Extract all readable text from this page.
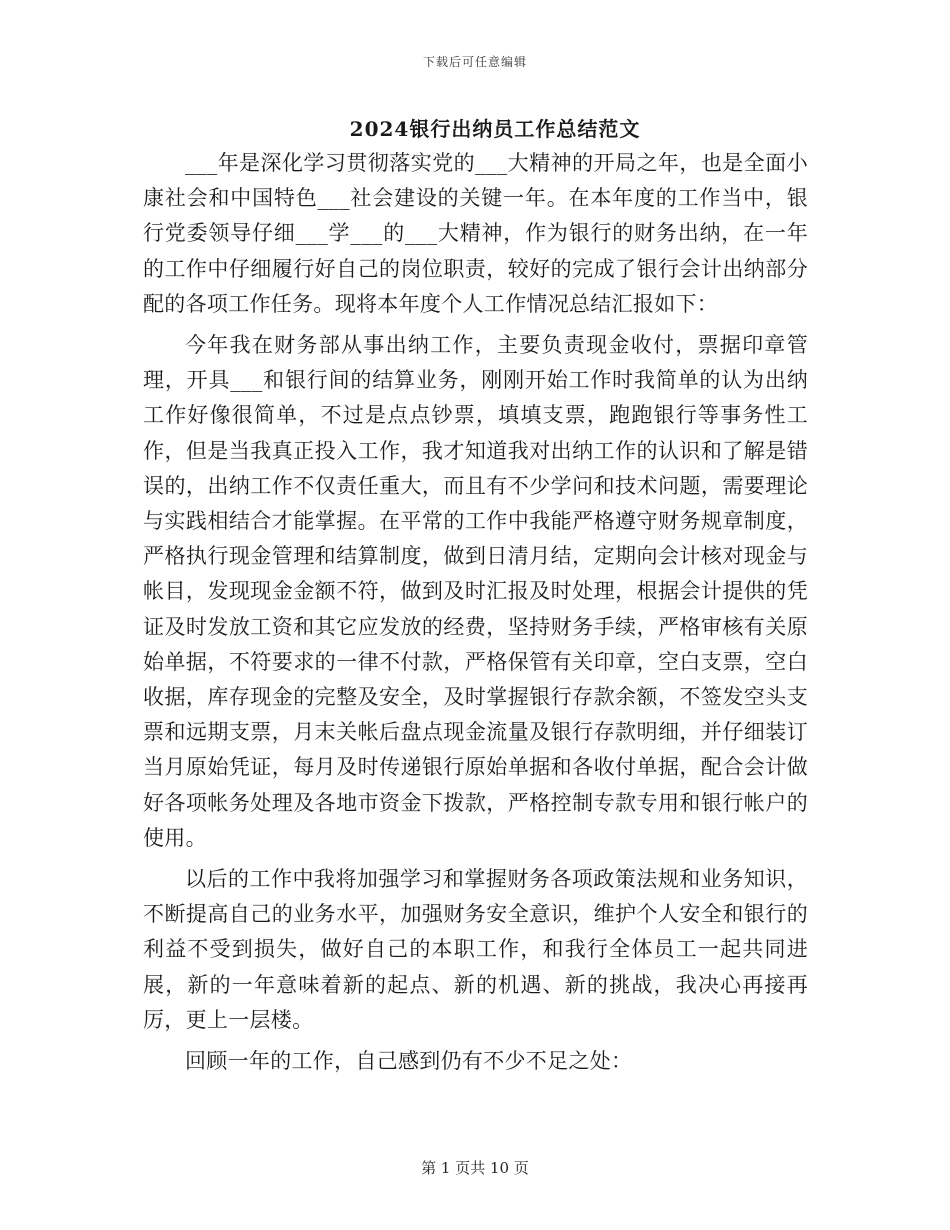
下载后可任意编辑
2024银行出纳员工作总结范文

___年是深化学习贯彻落实党的___大精神的开局之年，也是全面小康社会和中国特色___社会建设的关键一年。在本年度的工作当中，银行党委领导仔细___学___的___大精神，作为银行的财务出纳，在一年的工作中仔细履行好自己的岗位职责，较好的完成了银行会计出纳部分配的各项工作任务。现将本年度个人工作情况总结汇报如下：

今年我在财务部从事出纳工作，主要负责现金收付，票据印章管理，开具___和银行间的结算业务，刚刚开始工作时我简单的认为出纳工作好像很简单，不过是点点钞票，填填支票，跑跑银行等事务性工作，但是当我真正投入工作，我才知道我对出纳工作的认识和了解是错误的，出纳工作不仅责任重大，而且有不少学问和技术问题，需要理论与实践相结合才能掌握。在平常的工作中我能严格遵守财务规章制度，严格执行现金管理和结算制度，做到日清月结，定期向会计核对现金与帐目，发现现金金额不符，做到及时汇报及时处理，根据会计提供的凭证及时发放工资和其它应发放的经费，坚持财务手续，严格审核有关原始单据，不符要求的一律不付款，严格保管有关印章，空白支票，空白收据，库存现金的完整及安全，及时掌握银行存款余额，不签发空头支票和远期支票，月末关帐后盘点现金流量及银行存款明细，并仔细装订当月原始凭证，每月及时传递银行原始单据和各收付单据，配合会计做好各项帐务处理及各地市资金下拨款，严格控制专款专用和银行帐户的使用。

以后的工作中我将加强学习和掌握财务各项政策法规和业务知识，不断提高自己的业务水平，加强财务安全意识，维护个人安全和银行的利益不受到损失，做好自己的本职工作，和我行全体员工一起共同进展，新的一年意味着新的起点、新的机遇、新的挑战，我决心再接再厉，更上一层楼。

回顾一年的工作，自己感到仍有不少不足之处：

第 1 页共 10 页
